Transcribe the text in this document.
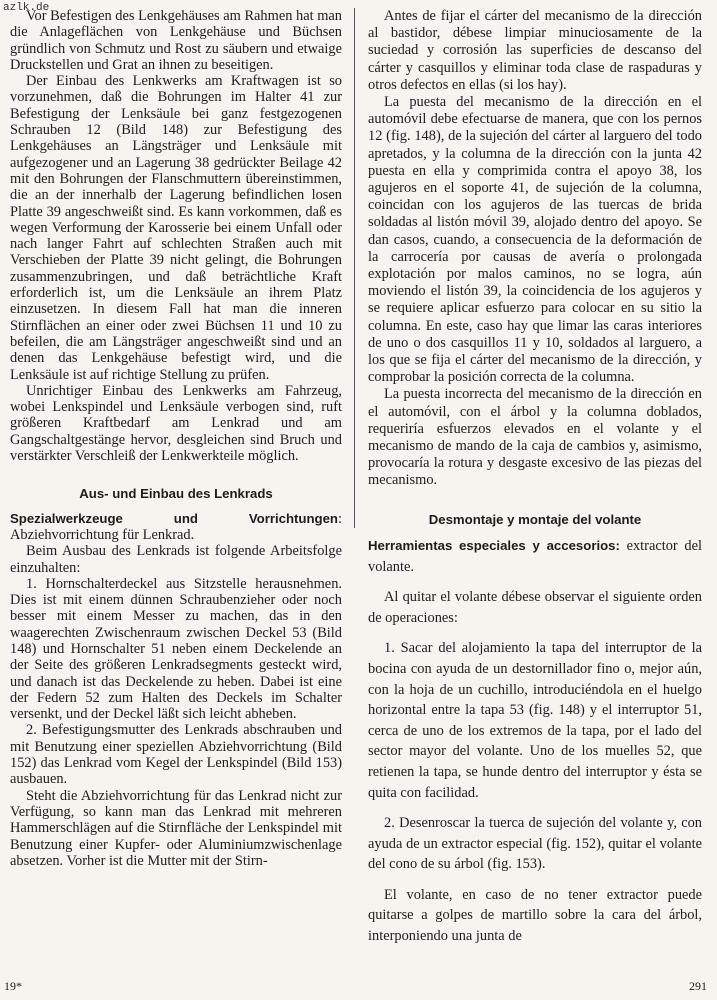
azlk.de

Vor Befestigen des Lenkgehäuses am Rahmen hat man die Anlageflächen von Lenkgehäuse und Büchsen gründlich von Schmutz und Rost zu säubern und etwaige Druckstellen und Grat an ihnen zu beseitigen.

Der Einbau des Lenkwerks am Kraftwagen ist so vorzunehmen, daß die Bohrungen im Halter 41 zur Befestigung der Lenksäule bei ganz festgezogenen Schrauben 12 (Bild 148) zur Befestigung des Lenkgehäuses an Längsträger und Lenksäule mit aufgezogener und an Lagerung 38 gedrückter Beilage 42 mit den Bohrungen der Flanschmuttern übereinstimmen, die an der innerhalb der Lagerung befindlichen losen Platte 39 angeschweißt sind. Es kann vorkommen, daß es wegen Verformung der Karosserie bei einem Unfall oder nach langer Fahrt auf schlechten Straßen auch mit Verschieben der Platte 39 nicht gelingt, die Bohrungen zusammenzubringen, und daß beträchtliche Kraft erforderlich ist, um die Lenksäule an ihrem Platz einzusetzen. In diesem Fall hat man die inneren Stirnflächen an einer oder zwei Büchsen 11 und 10 zu befeilen, die am Längsträger angeschweißt sind und an denen das Lenkgehäuse befestigt wird, und die Lenksäule ist auf richtige Stellung zu prüfen.

Unrichtiger Einbau des Lenkwerks am Fahrzeug, wobei Lenkspindel und Lenksäule verbogen sind, ruft größeren Kraftbedarf am Lenkrad und am Gangschaltgestänge hervor, desgleichen sind Bruch und verstärkter Verschleiß der Lenkwerkteile möglich.

Aus- und Einbau des Lenkrads

Spezialwerkzeuge und Vorrichtungen: Abziehvorrichtung für Lenkrad.

Beim Ausbau des Lenkrads ist folgende Arbeitsfolge einzuhalten:

1. Hornschalterdeckel aus Sitzstelle herausnehmen. Dies ist mit einem dünnen Schraubenzieher oder noch besser mit einem Messer zu machen, das in den waagerechten Zwischenraum zwischen Deckel 53 (Bild 148) und Hornschalter 51 neben einem Deckelende an der Seite des größeren Lenkradsegments gesteckt wird, und danach ist das Deckelende zu heben. Dabei ist eine der Federn 52 zum Halten des Deckels im Schalter versenkt, und der Deckel läßt sich leicht abheben.

2. Befestigungsmutter des Lenkrads abschrauben und mit Benutzung einer speziellen Abziehvorrichtung (Bild 152) das Lenkrad vom Kegel der Lenkspindel (Bild 153) ausbauen.

Steht die Abziehvorrichtung für das Lenkrad nicht zur Verfügung, so kann man das Lenkrad mit mehreren Hammerschlägen auf die Stirnfläche der Lenkspindel mit Benutzung einer Kupfer- oder Aluminiumzwischenlage absetzen. Vorher ist die Mutter mit der Stirn-

Antes de fijar el cárter del mecanismo de la dirección al bastidor, débese limpiar minuciosamente de la suciedad y corrosión las superficies de descanso del cárter y casquillos y eliminar toda clase de raspaduras y otros defectos en ellas (si los hay).

La puesta del mecanismo de la dirección en el automóvil debe efectuarse de manera, que con los pernos 12 (fig. 148), de la sujeción del cárter al larguero del todo apretados, y la columna de la dirección con la junta 42 puesta en ella y comprimida contra el apoyo 38, los agujeros en el soporte 41, de sujeción de la columna, coincidan con los agujeros de las tuercas de brida soldadas al listón móvil 39, alojado dentro del apoyo. Se dan casos, cuando, a consecuencia de la deformación de la carrocería por causas de avería o prolongada explotación por malos caminos, no se logra, aún moviendo el listón 39, la coincidencia de los agujeros y se requiere aplicar esfuerzo para colocar en su sitio la columna. En este, caso hay que limar las caras interiores de uno o dos casquillos 11 y 10, soldados al larguero, a los que se fija el cárter del mecanismo de la dirección, y comprobar la posición correcta de la columna.

La puesta incorrecta del mecanismo de la dirección en el automóvil, con el árbol y la columna doblados, requeriría esfuerzos elevados en el volante y el mecanismo de mando de la caja de cambios y, asimismo, provocaría la rotura y desgaste excesivo de las piezas del mecanismo.

Desmontaje y montaje del volante

Herramientas especiales y accesorios: extractor del volante.

Al quitar el volante débese observar el siguiente orden de operaciones:

1. Sacar del alojamiento la tapa del interruptor de la bocina con ayuda de un destornillador fino o, mejor aún, con la hoja de un cuchillo, introduciéndola en el huelgo horizontal entre la tapa 53 (fig. 148) y el interruptor 51, cerca de uno de los extremos de la tapa, por el lado del sector mayor del volante. Uno de los muelles 52, que retienen la tapa, se hunde dentro del interruptor y ésta se quita con facilidad.

2. Desenroscar la tuerca de sujeción del volante y, con ayuda de un extractor especial (fig. 152), quitar el volante del cono de su árbol (fig. 153).

El volante, en caso de no tener extractor puede quitarse a golpes de martillo sobre la cara del árbol, interponiendo una junta de

19*	291
